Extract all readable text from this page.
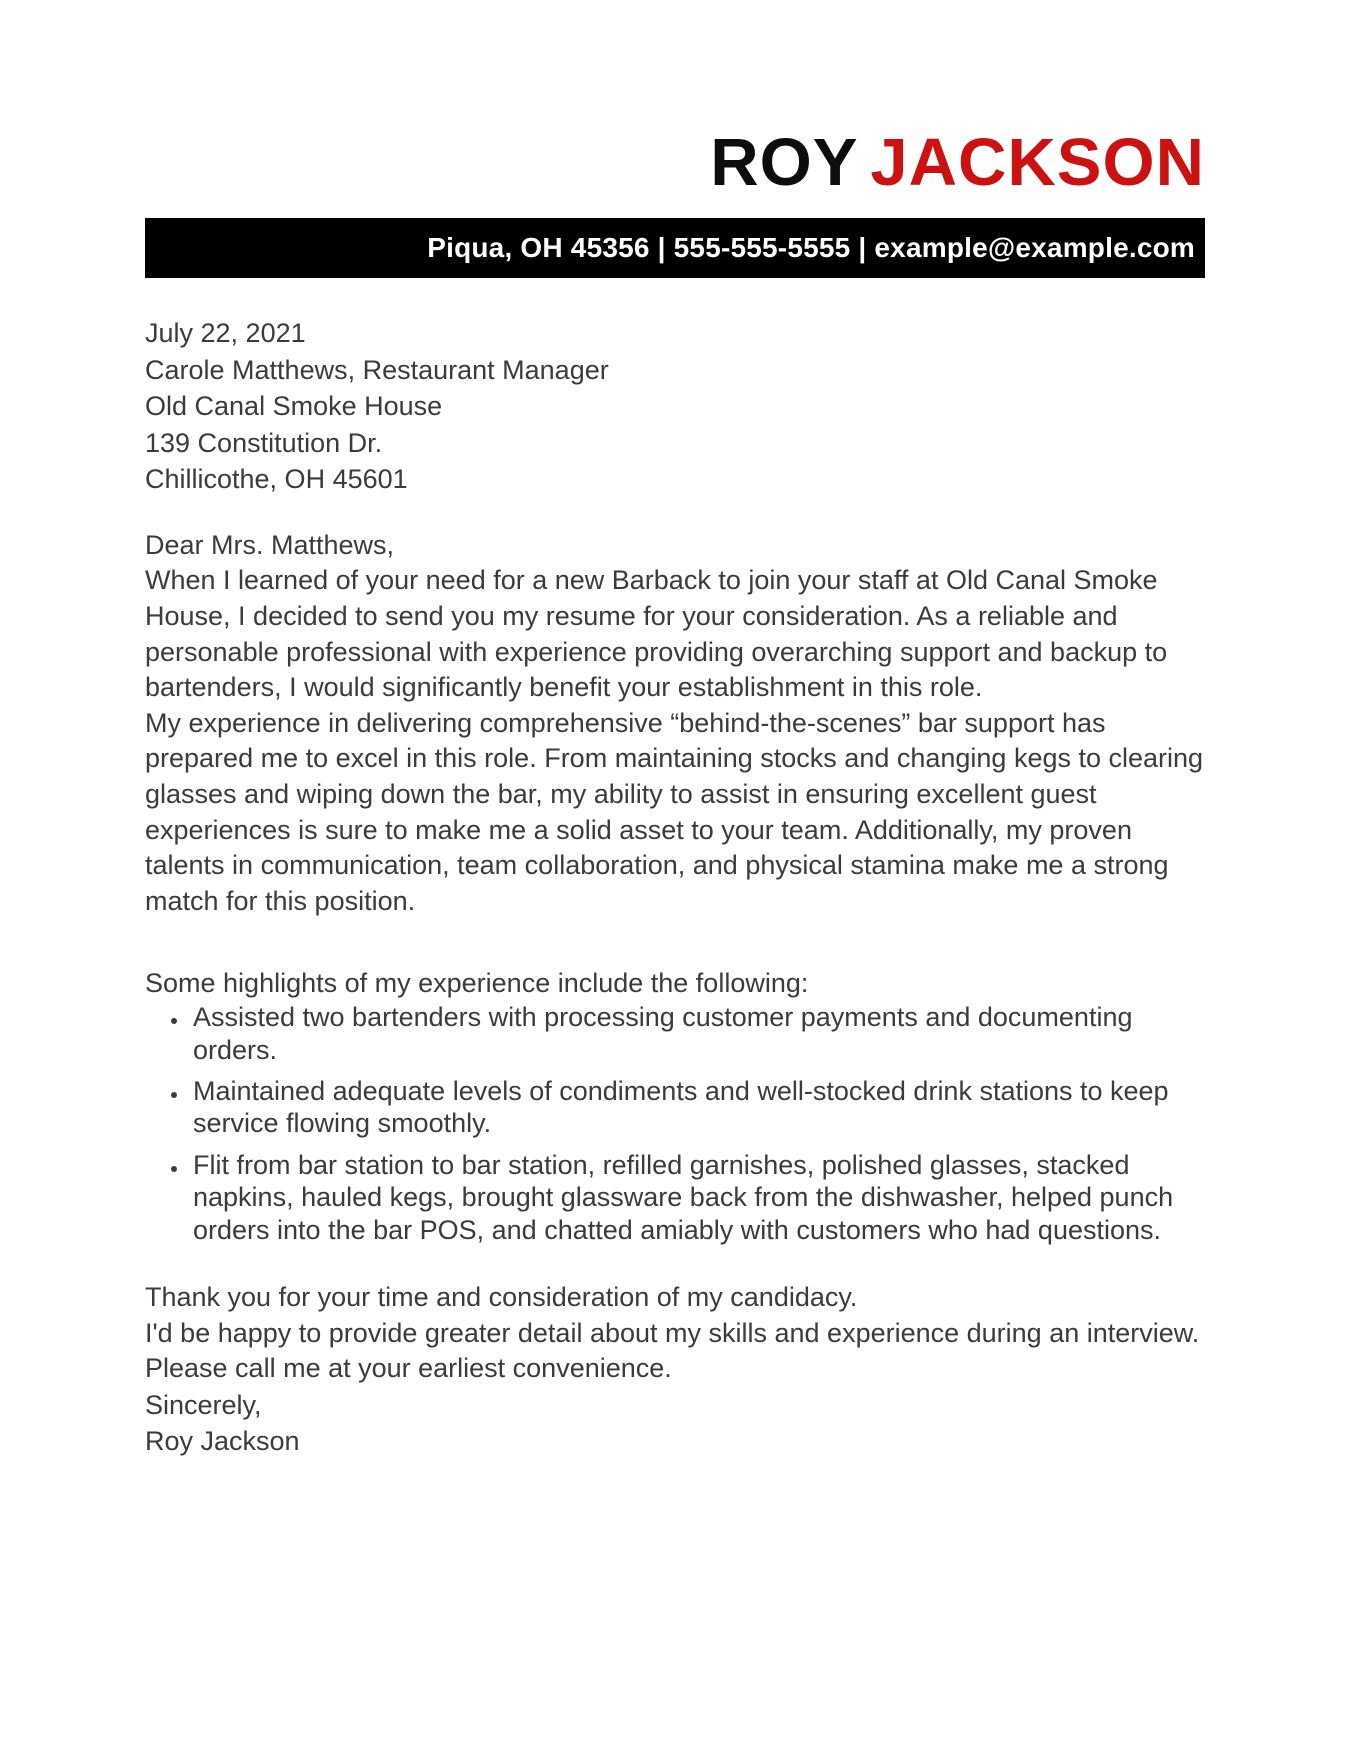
ROY JACKSON
Piqua, OH 45356 | 555-555-5555 | example@example.com

July 22, 2021

Carole Matthews, Restaurant Manager
Old Canal Smoke House
139 Constitution Dr.
Chillicothe, OH 45601

Dear Mrs. Matthews,

When I learned of your need for a new Barback to join your staff at Old Canal Smoke House, I decided to send you my resume for your consideration. As a reliable and personable professional with experience providing overarching support and backup to bartenders, I would significantly benefit your establishment in this role.

My experience in delivering comprehensive “behind-the-scenes” bar support has prepared me to excel in this role. From maintaining stocks and changing kegs to clearing glasses and wiping down the bar, my ability to assist in ensuring excellent guest experiences is sure to make me a solid asset to your team. Additionally, my proven talents in communication, team collaboration, and physical stamina make me a strong match for this position.

Some highlights of my experience include the following:

• Assisted two bartenders with processing customer payments and documenting orders.
• Maintained adequate levels of condiments and well-stocked drink stations to keep service flowing smoothly.
• Flit from bar station to bar station, refilled garnishes, polished glasses, stacked napkins, hauled kegs, brought glassware back from the dishwasher, helped punch orders into the bar POS, and chatted amiably with customers who had questions.

Thank you for your time and consideration of my candidacy.

I'd be happy to provide greater detail about my skills and experience during an interview. Please call me at your earliest convenience.

Sincerely,

Roy Jackson
